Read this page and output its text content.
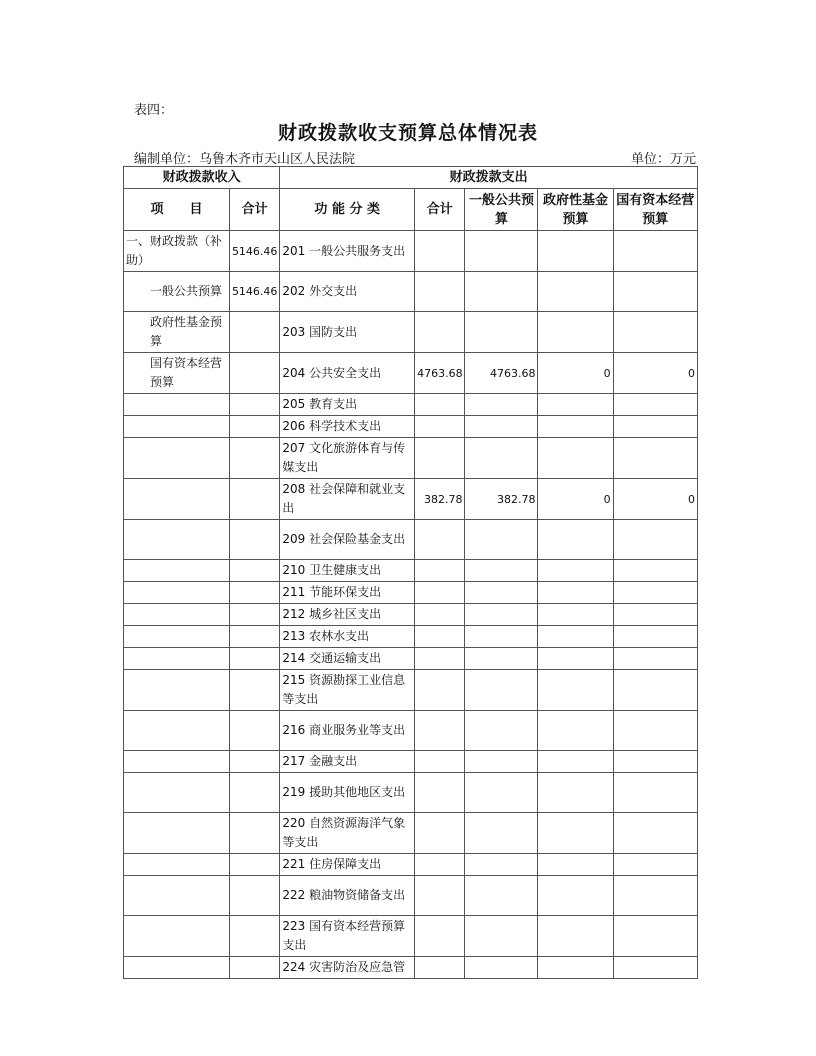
表四：
财政拨款收支预算总体情况表
编制单位：乌鲁木齐市天山区人民法院	单位：万元
财政拨款收入		财政拨款支出				
项　　目	合计	功 能 分 类	合计	一般公共预算	政府性基金预算	国有资本经营预算
一、财政拨款（补助）	5146.46	201 一般公共服务支出				
一般公共预算	5146.46	202 外交支出				
政府性基金预算		203 国防支出				
国有资本经营预算		204 公共安全支出	4763.68	4763.68	0	0
		205 教育支出				
		206 科学技术支出				
		207 文化旅游体育与传媒支出				
		208 社会保障和就业支出	382.78	382.78	0	0
		209 社会保险基金支出				
		210 卫生健康支出				
		211 节能环保支出				
		212 城乡社区支出				
		213 农林水支出				
		214 交通运输支出				
		215 资源勘探工业信息等支出				
		216 商业服务业等支出				
		217 金融支出				
		219 援助其他地区支出				
		220 自然资源海洋气象等支出				
		221 住房保障支出				
		222 粮油物资储备支出				
		223 国有资本经营预算支出				
		224 灾害防治及应急管				
